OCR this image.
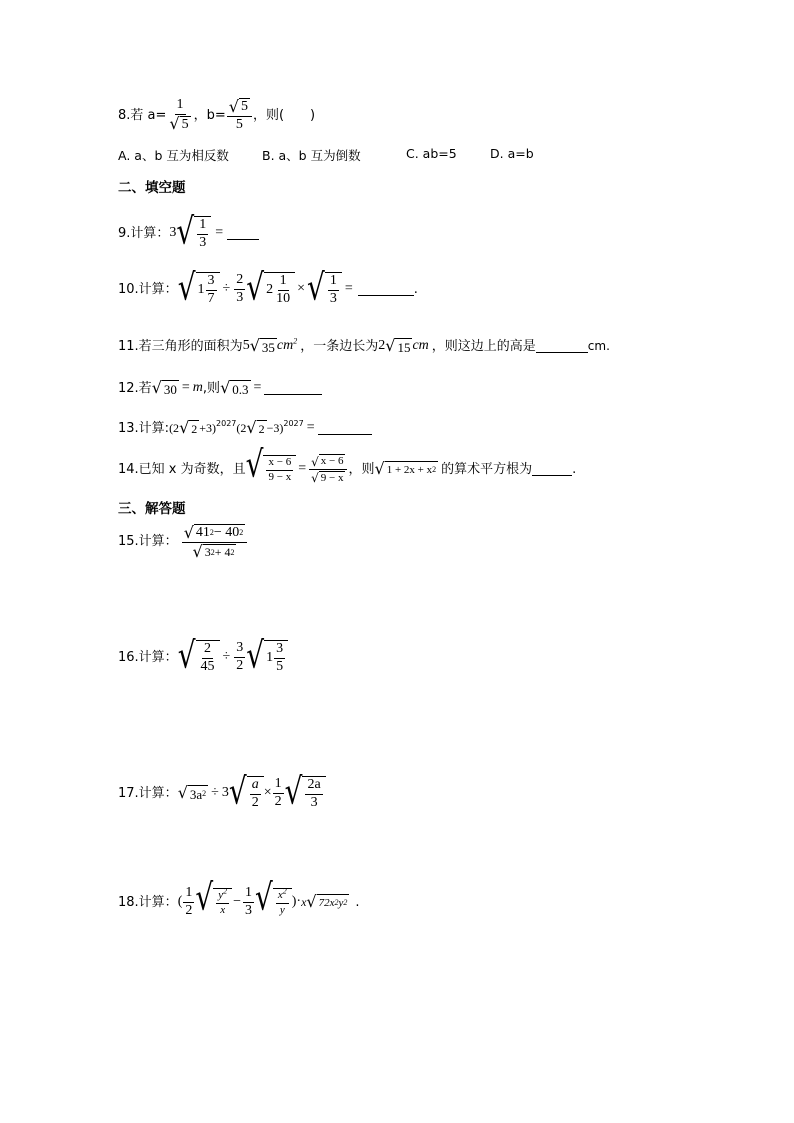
8.若 $a= \frac{1}{√ 5}$ ，$b= \frac{√ 5}{5}$ ，则(　　)
A. a、b 互为相反数	B. a、b 互为倒数	C. ab=5	D. a=b
二、填空题
9.计算： 3 √ $\frac{1}{3}$ =
10.计算： √ $1 \frac{3}{7} \div \frac{2}{3}$ √ $2 \frac{1}{10}$ × √ $\frac{1}{3}$ =	.
11.若三角形的面积为 5 √ 35 $cm^2$ ，一条边长为 2 √ 15 cm ，则这边上的高是	cm.
12.若 √ 30 = m ,则 √ 0.3 =
13.计算: (2 √ 2 +3) 2027 (2 √ 2 −3) 2027 =
14.已知 x 为奇数，且 √ $\frac{x - 6}{9 - x} = \frac{√ x - 6}{√ 9 - x}$ ，则 √ 1 + 2x + x 2 的算术平方根为	.
三、解答题
15.计算： $\frac{√ 41 2 - 40 2}{√ 3 2 + 4 2}$
16.计算： √ $\frac{2}{45} \div \frac{3}{2}$ √ $1 \frac{3}{5}$
17.计算： √ 3a 2 ÷ 3 √ $\frac{a}{2} \times \frac{1}{2}$ √ $\frac{2a}{3}$
18.计算： ( $\frac{1}{2}$ √ $\frac{y^2}{x} - \frac{1}{3}$ √ $\frac{x^2}{y}$ )· x √ 72x 2 y 2 .
